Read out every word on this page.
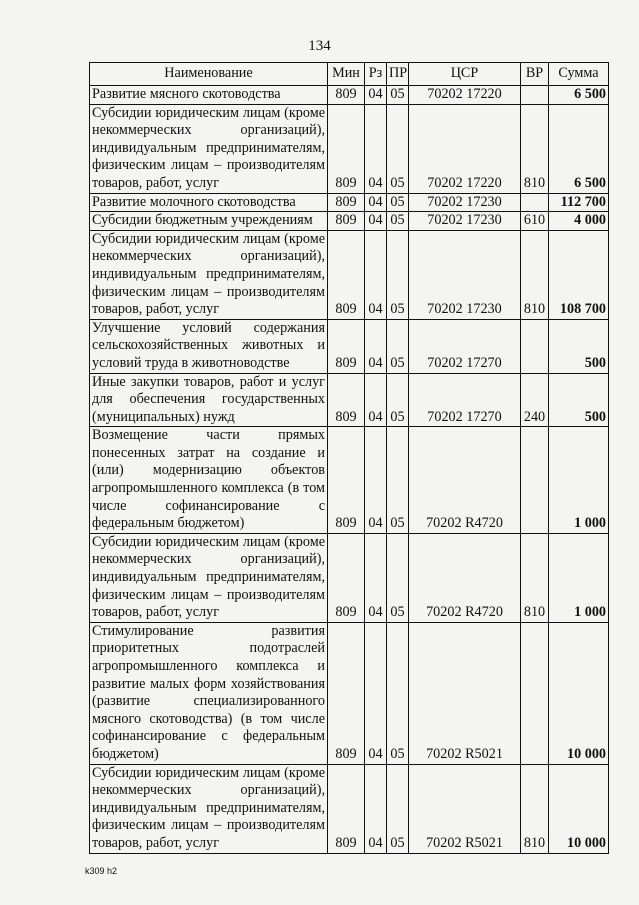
134
Наименование	Мин	Рз	ПР	ЦСР	ВР	Сумма
Развитие мясного скотоводства	809	04	05	70202 17220		6 500
Субсидии юридическим лицам (кроме некоммерческих организаций), индивидуальным предпринимателям, физическим лицам – производителям товаров, работ, услуг	809	04	05	70202 17220	810	6 500
Развитие молочного скотоводства	809	04	05	70202 17230		112 700
Субсидии бюджетным учреждениям	809	04	05	70202 17230	610	4 000
Субсидии юридическим лицам (кроме некоммерческих организаций), индивидуальным предпринимателям, физическим лицам – производителям товаров, работ, услуг	809	04	05	70202 17230	810	108 700
Улучшение условий содержания сельскохозяйственных животных и условий труда в животноводстве	809	04	05	70202 17270		500
Иные закупки товаров, работ и услуг для обеспечения государственных (муниципальных) нужд	809	04	05	70202 17270	240	500
Возмещение части прямых понесенных затрат на создание и (или) модернизацию объектов агропромышленного комплекса (в том числе софинансирование с федеральным бюджетом)	809	04	05	70202 R4720		1 000
Субсидии юридическим лицам (кроме некоммерческих организаций), индивидуальным предпринимателям, физическим лицам – производителям товаров, работ, услуг	809	04	05	70202 R4720	810	1 000
Стимулирование развития приоритетных подотраслей агропромышленного комплекса и развитие малых форм хозяйствования (развитие специализированного мясного скотоводства) (в том числе софинансирование с федеральным бюджетом)	809	04	05	70202 R5021		10 000
Субсидии юридическим лицам (кроме некоммерческих организаций), индивидуальным предпринимателям, физическим лицам – производителям товаров, работ, услуг	809	04	05	70202 R5021	810	10 000
k309 h2
